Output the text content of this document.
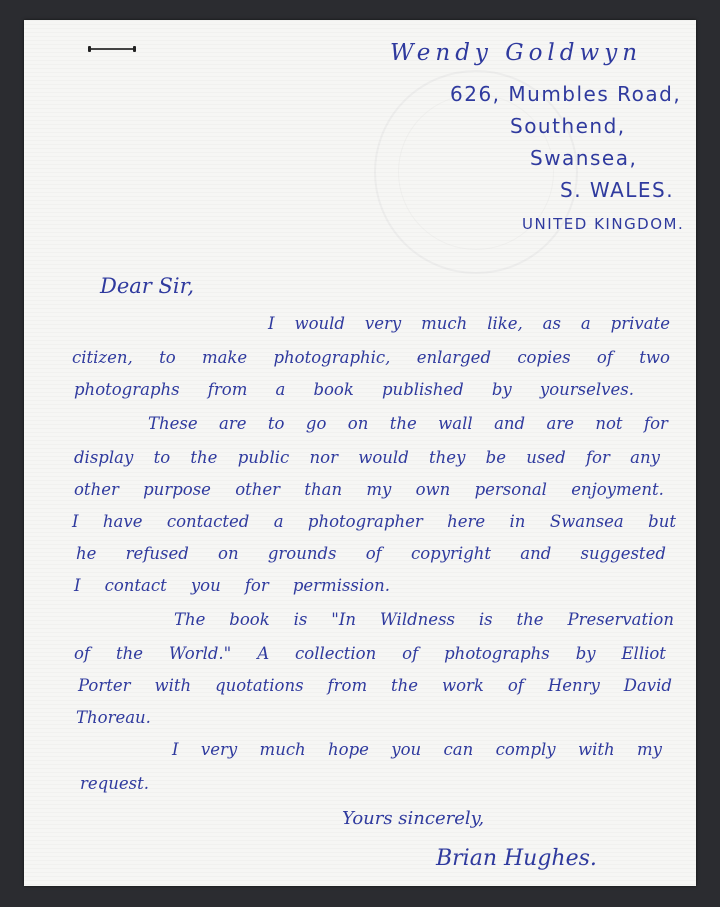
Wendy Goldwyn
626, Mumbles Road,
Southend,
Swansea,
S. WALES.
UNITED KINGDOM.
Dear Sir,
I would very much like, as a private
citizen, to make photographic, enlarged copies of two
photographs from a book published by yourselves.
These are to go on the wall and are not for
display to the public nor would they be used for any
other purpose other than my own personal enjoyment.
I have contacted a photographer here in Swansea but
he refused on grounds of copyright and suggested
I contact you for permission.
The book is "In Wildness is the Preservation
of the World." A collection of photographs by Elliot
Porter with quotations from the work of Henry David
Thoreau.
I very much hope you can comply with my
request.
Yours sincerely,
Brian Hughes.
